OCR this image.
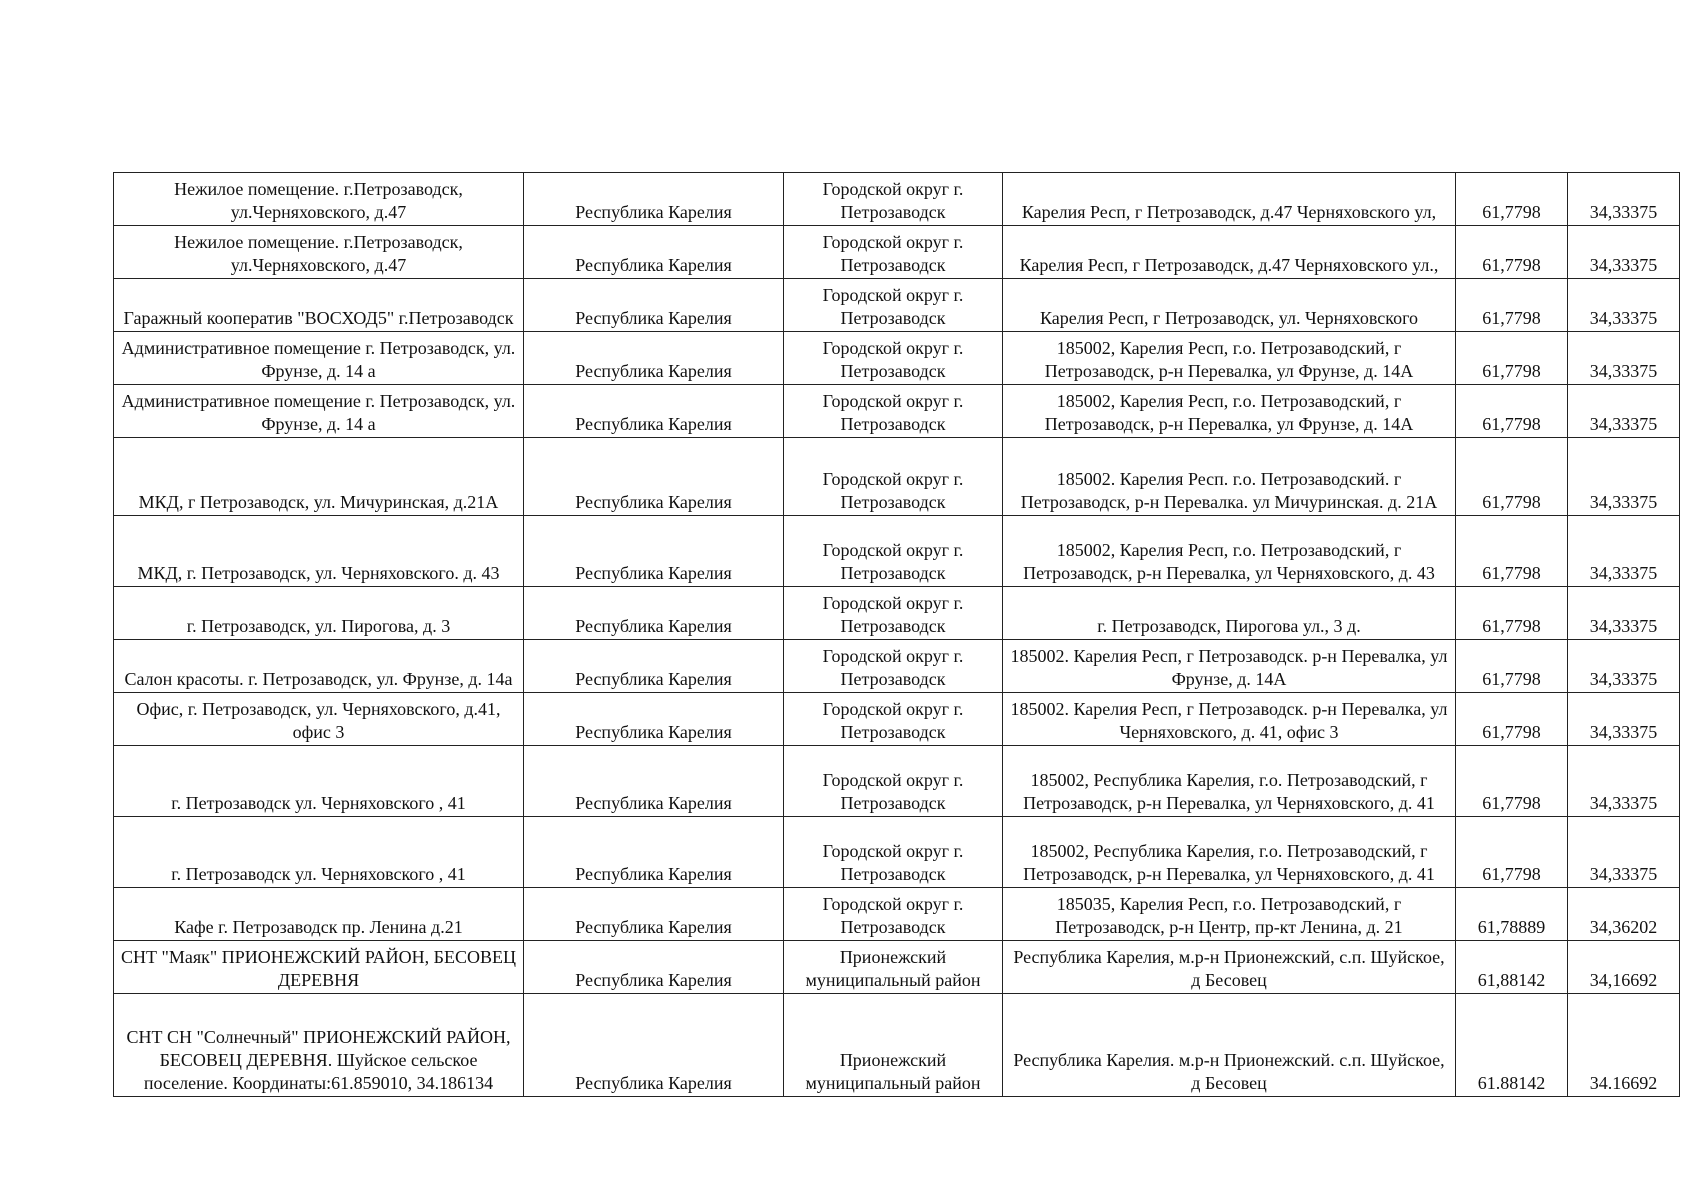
Нежилое помещение. г.Петрозаводск, ул.Черняховского, д.47	Республика Карелия	Городской округ г. Петрозаводск	Карелия Респ, г Петрозаводск, д.47 Черняховского ул,	61,7798	34,33375
Нежилое помещение. г.Петрозаводск, ул.Черняховского, д.47	Республика Карелия	Городской округ г. Петрозаводск	Карелия Респ, г Петрозаводск, д.47 Черняховского ул.,	61,7798	34,33375
Гаражный кооператив "ВОСХОД5" г.Петрозаводск	Республика Карелия	Городской округ г. Петрозаводск	Карелия Респ, г Петрозаводск, ул. Черняховского	61,7798	34,33375
Административное помещение г. Петрозаводск, ул. Фрунзе, д. 14 а	Республика Карелия	Городской округ г. Петрозаводск	185002, Карелия Респ, г.о. Петрозаводский, г Петрозаводск, р-н Перевалка, ул Фрунзе, д. 14А	61,7798	34,33375
Административное помещение г. Петрозаводск, ул. Фрунзе, д. 14 а	Республика Карелия	Городской округ г. Петрозаводск	185002, Карелия Респ, г.о. Петрозаводский, г Петрозаводск, р-н Перевалка, ул Фрунзе, д. 14А	61,7798	34,33375
МКД, г Петрозаводск, ул. Мичуринская, д.21А	Республика Карелия	Городской округ г. Петрозаводск	185002. Карелия Респ. г.о. Петрозаводский. г Петрозаводск, р-н Перевалка. ул Мичуринская. д. 21А	61,7798	34,33375
МКД, г. Петрозаводск, ул. Черняховского. д. 43	Республика Карелия	Городской округ г. Петрозаводск	185002, Карелия Респ, г.о. Петрозаводский, г Петрозаводск, р-н Перевалка, ул Черняховского, д. 43	61,7798	34,33375
г. Петрозаводск, ул. Пирогова, д. 3	Республика Карелия	Городской округ г. Петрозаводск	г. Петрозаводск, Пирогова ул., 3 д.	61,7798	34,33375
Салон красоты. г. Петрозаводск, ул. Фрунзе, д. 14а	Республика Карелия	Городской округ г. Петрозаводск	185002. Карелия Респ, г Петрозаводск. р-н Перевалка, ул Фрунзе, д. 14А	61,7798	34,33375
Офис, г. Петрозаводск, ул. Черняховского, д.41, офис 3	Республика Карелия	Городской округ г. Петрозаводск	185002. Карелия Респ, г Петрозаводск. р-н Перевалка, ул Черняховского, д. 41, офис 3	61,7798	34,33375
г. Петрозаводск ул. Черняховского , 41	Республика Карелия	Городской округ г. Петрозаводск	185002, Республика Карелия, г.о. Петрозаводский, г Петрозаводск, р-н Перевалка, ул Черняховского, д. 41	61,7798	34,33375
г. Петрозаводск ул. Черняховского , 41	Республика Карелия	Городской округ г. Петрозаводск	185002, Республика Карелия, г.о. Петрозаводский, г Петрозаводск, р-н Перевалка, ул Черняховского, д. 41	61,7798	34,33375
Кафе г. Петрозаводск пр. Ленина д.21	Республика Карелия	Городской округ г. Петрозаводск	185035, Карелия Респ, г.о. Петрозаводский, г Петрозаводск, р-н Центр, пр-кт Ленина, д. 21	61,78889	34,36202
СНТ "Маяк" ПРИОНЕЖСКИЙ РАЙОН, БЕСОВЕЦ ДЕРЕВНЯ	Республика Карелия	Прионежский муниципальный район	Республика Карелия, м.р-н Прионежский, с.п. Шуйское, д Бесовец	61,88142	34,16692
СНТ СН "Солнечный" ПРИОНЕЖСКИЙ РАЙОН, БЕСОВЕЦ ДЕРЕВНЯ. Шуйское сельское поселение. Координаты:61.859010, 34.186134	Республика Карелия	Прионежский муниципальный район	Республика Карелия. м.р-н Прионежский. с.п. Шуйское, д Бесовец	61.88142	34.16692
